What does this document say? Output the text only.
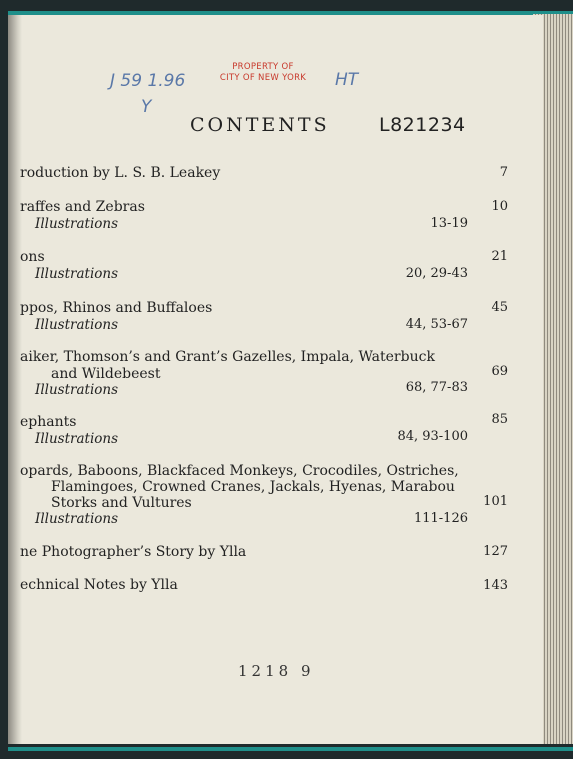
PROPERTY OF
CITY OF NEW YORK
J 59 1.96
Y
HT
CONTENTS	L821234
roduction by L. S. B. Leakey	7
raffes and Zebras	10
Illustrations	13-19
ons	21
Illustrations	20, 29-43
ppos, Rhinos and Buffaloes	45
Illustrations	44, 53-67
aiker, Thomson’s and Grant’s Gazelles, Impala, Waterbuck
and Wildebeest	69
Illustrations	68, 77-83
ephants	85
Illustrations	84, 93-100
opards, Baboons, Blackfaced Monkeys, Crocodiles, Ostriches,
Flamingoes, Crowned Cranes, Jackals, Hyenas, Marabou
Storks and Vultures	101
Illustrations	111-126
ne Photographer’s Story by Ylla	127
echnical Notes by Ylla	143
1218 9
